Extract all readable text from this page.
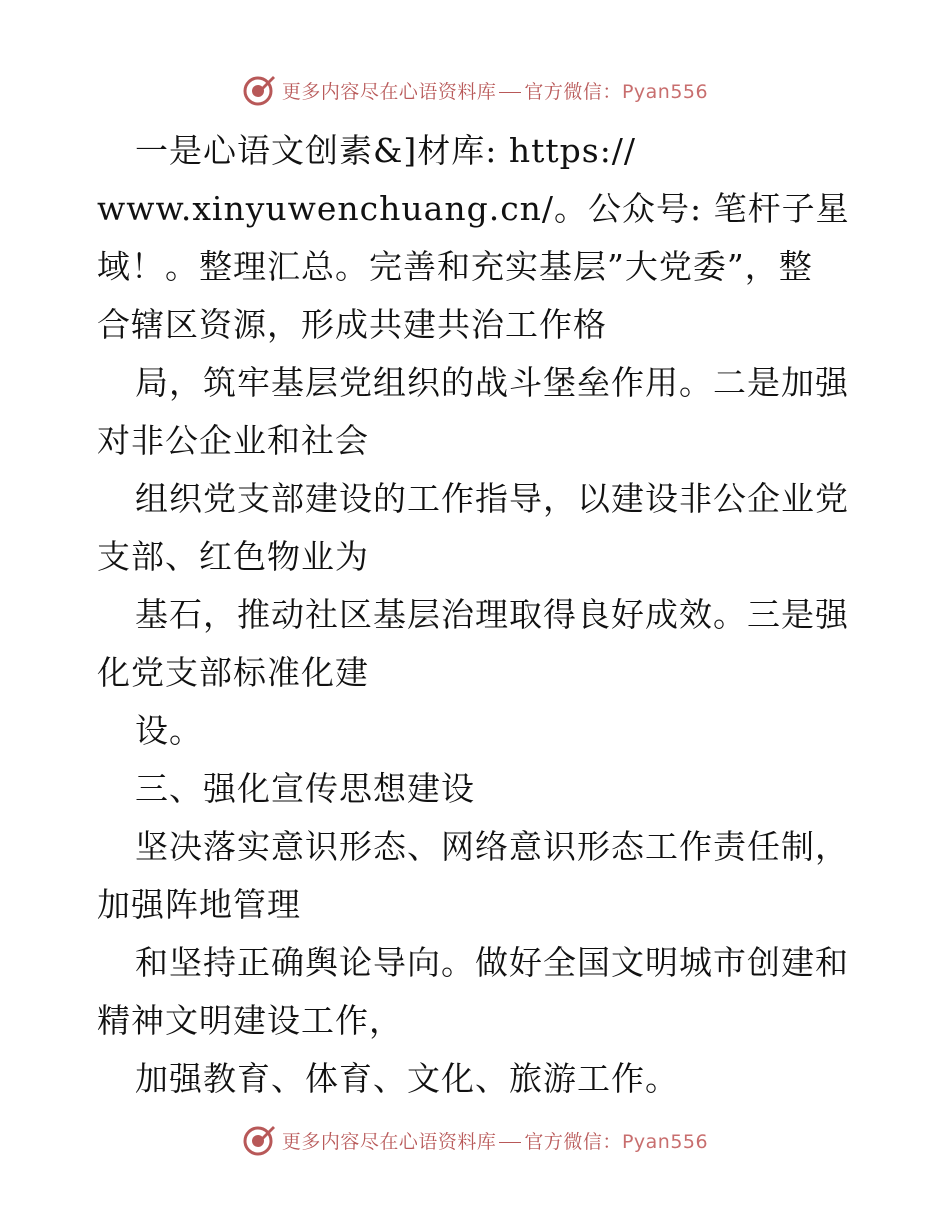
更多内容尽在心语资料库 官方微信：Pyan556
一是心语文创素&]材库: https://
www.xinyuwenchuang.cn/。公众号: 笔杆子星
域！。整理汇总。完善和充实基层”大党委”，整
合辖区资源，形成共建共治工作格
局，筑牢基层党组织的战斗堡垒作用。二是加强
对非公企业和社会
组织党支部建设的工作指导，以建设非公企业党
支部、红色物业为
基石，推动社区基层治理取得良好成效。三是强
化党支部标准化建
设。
三、强化宣传思想建设
坚决落实意识形态、网络意识形态工作责任制，
加强阵地管理
和坚持正确舆论导向。做好全国文明城市创建和
精神文明建设工作，
加强教育、体育、文化、旅游工作。
更多内容尽在心语资料库 官方微信：Pyan556
